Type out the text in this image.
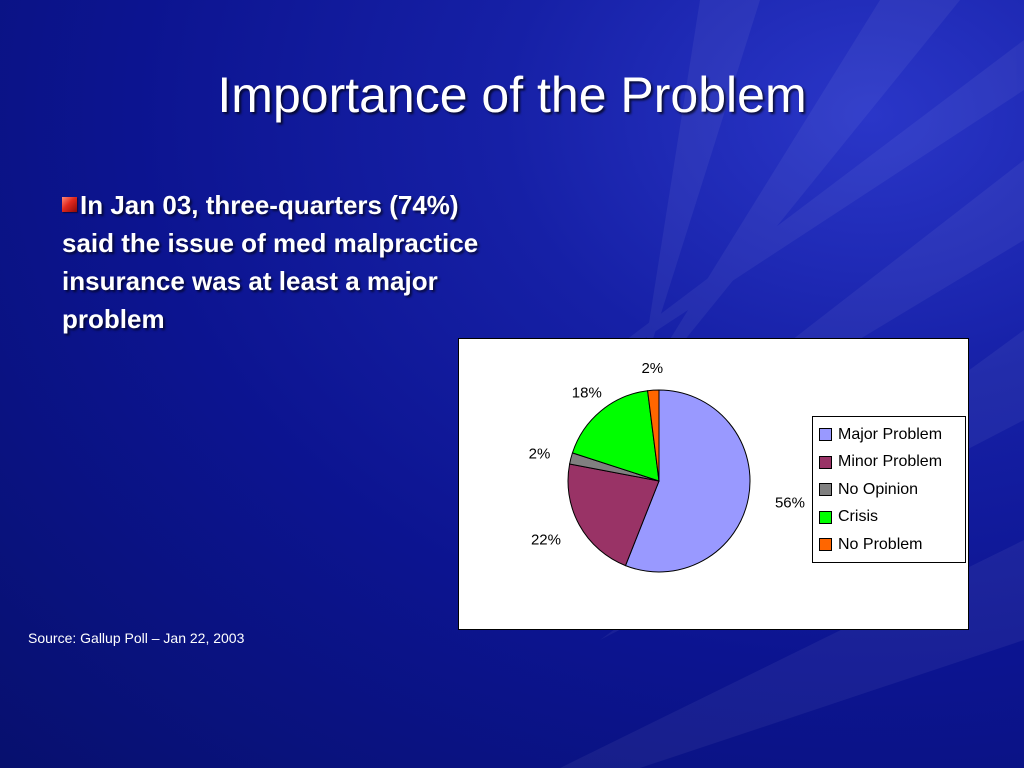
Importance of the Problem
In Jan 03, three-quarters (74%) said the issue of med malpractice insurance was at least a major problem
56%
22%
2%
18%
2%
Major Problem
Minor Problem
No Opinion
Crisis
No Problem
Source: Gallup Poll – Jan 22, 2003
